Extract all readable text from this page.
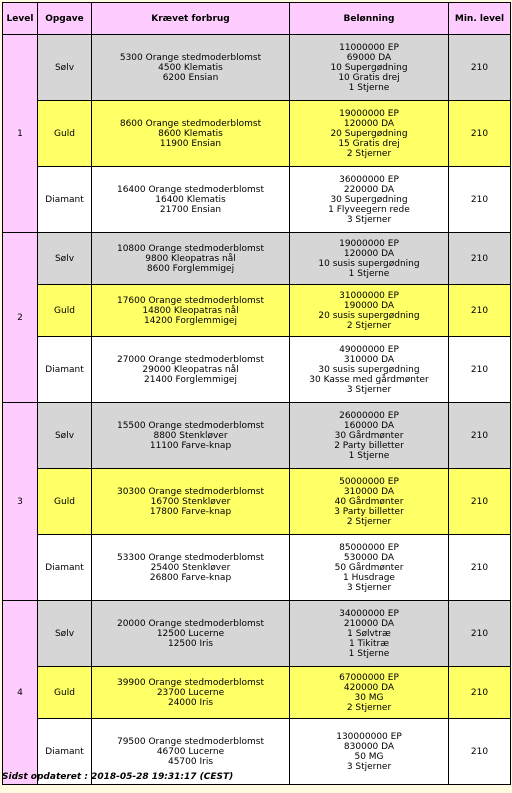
Level	Opgave	Krævet forbrug	Belønning	Min. level
1	Sølv	5300 Orange stedmoderblomst
4500 Klematis
6200 Ensian	11000000 EP
69000 DA
10 Supergødning
10 Gratis drej
1 Stjerne	210
	Guld	8600 Orange stedmoderblomst
8600 Klematis
11900 Ensian	19000000 EP
120000 DA
20 Supergødning
15 Gratis drej
2 Stjerner	210
	Diamant	16400 Orange stedmoderblomst
16400 Klematis
21700 Ensian	36000000 EP
220000 DA
30 Supergødning
1 Flyveegern rede
3 Stjerner	210
2	Sølv	10800 Orange stedmoderblomst
9800 Kleopatras nål
8600 Forglemmigej	19000000 EP
120000 DA
10 susis supergødning
1 Stjerne	210
	Guld	17600 Orange stedmoderblomst
14800 Kleopatras nål
14200 Forglemmigej	31000000 EP
190000 DA
20 susis supergødning
2 Stjerner	210
	Diamant	27000 Orange stedmoderblomst
29000 Kleopatras nål
21400 Forglemmigej	49000000 EP
310000 DA
30 susis supergødning
30 Kasse med gårdmønter
3 Stjerner	210
3	Sølv	15500 Orange stedmoderblomst
8800 Stenkløver
11100 Farve-knap	26000000 EP
160000 DA
30 Gårdmønter
2 Party billetter
1 Stjerne	210
	Guld	30300 Orange stedmoderblomst
16700 Stenkløver
17800 Farve-knap	50000000 EP
310000 DA
40 Gårdmønter
3 Party billetter
2 Stjerner	210
	Diamant	53300 Orange stedmoderblomst
25400 Stenkløver
26800 Farve-knap	85000000 EP
530000 DA
50 Gårdmønter
1 Husdrage
3 Stjerner	210
4	Sølv	20000 Orange stedmoderblomst
12500 Lucerne
12500 Iris	34000000 EP
210000 DA
1 Sølvtræ
1 Tikitræ
1 Stjerne	210
	Guld	39900 Orange stedmoderblomst
23700 Lucerne
24000 Iris	67000000 EP
420000 DA
30 MG
2 Stjerner	210
	Diamant	79500 Orange stedmoderblomst
46700 Lucerne
45700 Iris	130000000 EP
830000 DA
50 MG
3 Stjerner	210
Sidst opdateret : 2018-05-28 19:31:17 (CEST)
